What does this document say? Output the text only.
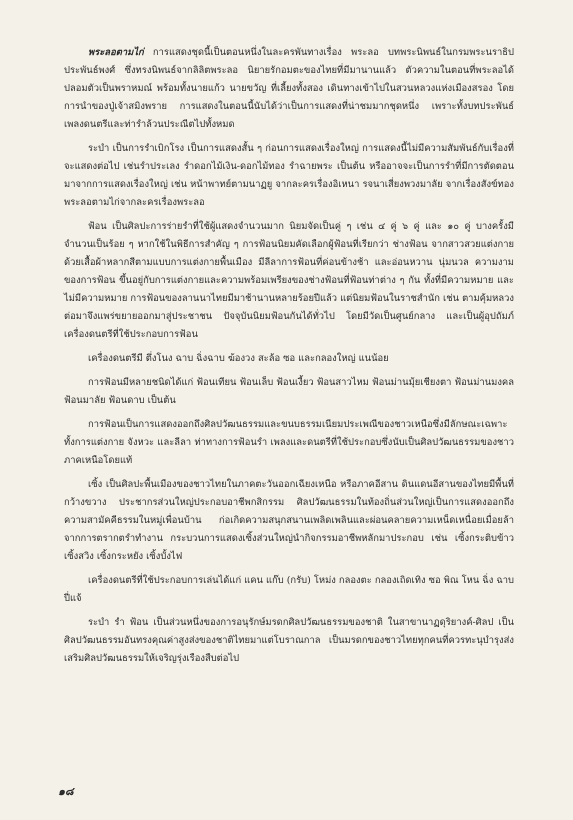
พระลอตามไก่ การแสดงชุดนี้เป็นตอนหนึ่งในละครพันทางเรื่อง พระลอ บทพระนิพนธ์ในกรมพระนราธิปประพันธ์พงศ์ ซึ่งทรงนิพนธ์จากลิลิตพระลอ นิยายรักอมตะของไทยที่มีมานานแล้ว ตัวความในตอนที่พระลอได้ปลอมตัวเป็นพราหมณ์ พร้อมทั้งนายแก้ว นายขวัญ ที่เลี้ยงทั้งสอง เดินทางเข้าไปในสวนหลวงแห่งเมืองสรอง โดยการนำของปู่เจ้าสมิงพราย การแสดงในตอนนี้นับได้ว่าเป็นการแสดงที่น่าชมมากชุดหนึ่ง เพราะทั้งบทประพันธ์ เพลงดนตรีและท่ารำล้วนประณีตไปทั้งหมด

ระบำ เป็นการรำเบิกโรง เป็นการแสดงสั้น ๆ ก่อนการแสดงเรื่องใหญ่ การแสดงนี้ไม่มีความสัมพันธ์กับเรื่องที่จะแสดงต่อไป เช่นรำประเลง รำดอกไม้เงิน-ดอกไม้ทอง รำฉายพระ เป็นต้น หรืออาจจะเป็นการรำที่มีการตัดตอนมาจากการแสดงเรื่องใหญ่ เช่น หน้าพาทย์ตามนาฏยู จากละครเรื่องอิเหนา รจนาเสี่ยงพวงมาลัย จากเรื่องสังข์ทอง พระลอตามไก่จากละครเรื่องพระลอ

ฟ้อน เป็นศิลปะการร่ายรำที่ใช้ผู้แสดงจำนวนมาก นิยมจัดเป็นคู่ ๆ เช่น ๔ คู่ ๖ คู่ และ ๑๐ คู่ บางครั้งมีจำนวนเป็นร้อย ๆ หากใช้ในพิธีการสำคัญ ๆ การฟ้อนนิยมคัดเลือกผู้ฟ้อนที่เรียกว่า ช่างฟ้อน จากสาวสวยแต่งกายด้วยเสื้อผ้าหลากสีตามแบบการแต่งกายพื้นเมือง มีลีลาการฟ้อนที่ค่อนข้างช้า และอ่อนหวาน นุ่มนวล ความงามของการฟ้อน ขึ้นอยู่กับการแต่งกายและความพร้อมเพรียงของช่างฟ้อนที่ฟ้อนท่าต่าง ๆ กัน ทั้งที่มีความหมาย และไม่มีความหมาย การฟ้อนของลานนาไทยมีมาช้านานหลายร้อยปีแล้ว แต่นิยมฟ้อนในราชสำนัก เช่น ตามคุ้มหลวง ต่อมาจึงแพร่ขยายออกมาสู่ประชาชน ปัจจุบันนิยมฟ้อนกันได้ทั่วไป โดยมีวัดเป็นศูนย์กลาง และเป็นผู้อุปถัมภ์เครื่องดนตรีที่ใช้ประกอบการฟ้อน

เครื่องดนตรีมี ตึ่งโนง ฉาบ ฉิ่งฉาบ ฆ้องวง สะล้อ ซอ และกลองใหญ่ แนน้อย

การฟ้อนมีหลายชนิดได้แก่ ฟ้อนเทียน ฟ้อนเล็บ ฟ้อนเงี้ยว ฟ้อนสาวไหม ฟ้อนม่านมุ้ยเชียงตา ฟ้อนม่านมงคล ฟ้อนมาลัย ฟ้อนดาบ เป็นต้น

การฟ้อนเป็นการแสดงออกถึงศิลปวัฒนธรรมและขนบธรรมเนียมประเพณีของชาวเหนือซึ่งมีลักษณะเฉพาะทั้งการแต่งกาย จังหวะ และลีลา ท่าทางการฟ้อนรำ เพลงและดนตรีที่ใช้ประกอบซึ่งนับเป็นศิลปวัฒนธรรมของชาวภาคเหนือโดยแท้

เซิ้ง เป็นศิลปะพื้นเมืองของชาวไทยในภาคตะวันออกเฉียงเหนือ หรือภาคอีสาน ดินแดนอีสานของไทยมีพื้นที่กว้างขวาง ประชากรส่วนใหญ่ประกอบอาชีพกสิกรรม ศิลปวัฒนธรรมในท้องถิ่นส่วนใหญ่เป็นการแสดงออกถึงความสามัคคีธรรมในหมู่เพื่อนบ้าน ก่อเกิดความสนุกสนานเพลิดเพลินและผ่อนคลายความเหน็ดเหนื่อยเมื่อยล้าจากการตรากตรำทำงาน กระบวนการแสดงเซิ้งส่วนใหญ่นำกิจกรรมอาชีพหลักมาประกอบ เช่น เซิ้งกระติบข้าว เซิ้งสวิง เซิ้งกระหยัง เซิ้งบั้งไฟ

เครื่องดนตรีที่ใช้ประกอบการเล่นได้แก่ แคน แก๊บ (กรับ) โหม่ง กลองตะ กลองเถิดเทิง ซอ พิณ โหน ฉิ่ง ฉาบ ปี่แจ้

ระบำ รำ ฟ้อน เป็นส่วนหนึ่งของการอนุรักษ์มรดกศิลปวัฒนธรรมของชาติ ในสาขานาฏดุริยางค์-ศิลป เป็นศิลปวัฒนธรรมอันทรงคุณค่าสูงส่งของชาติไทยมาแต่โบราณกาล เป็นมรดกของชาวไทยทุกคนที่ควรทะนุบำรุงส่งเสริมศิลปวัฒนธรรมให้เจริญรุ่งเรืองสืบต่อไป

๑๘
